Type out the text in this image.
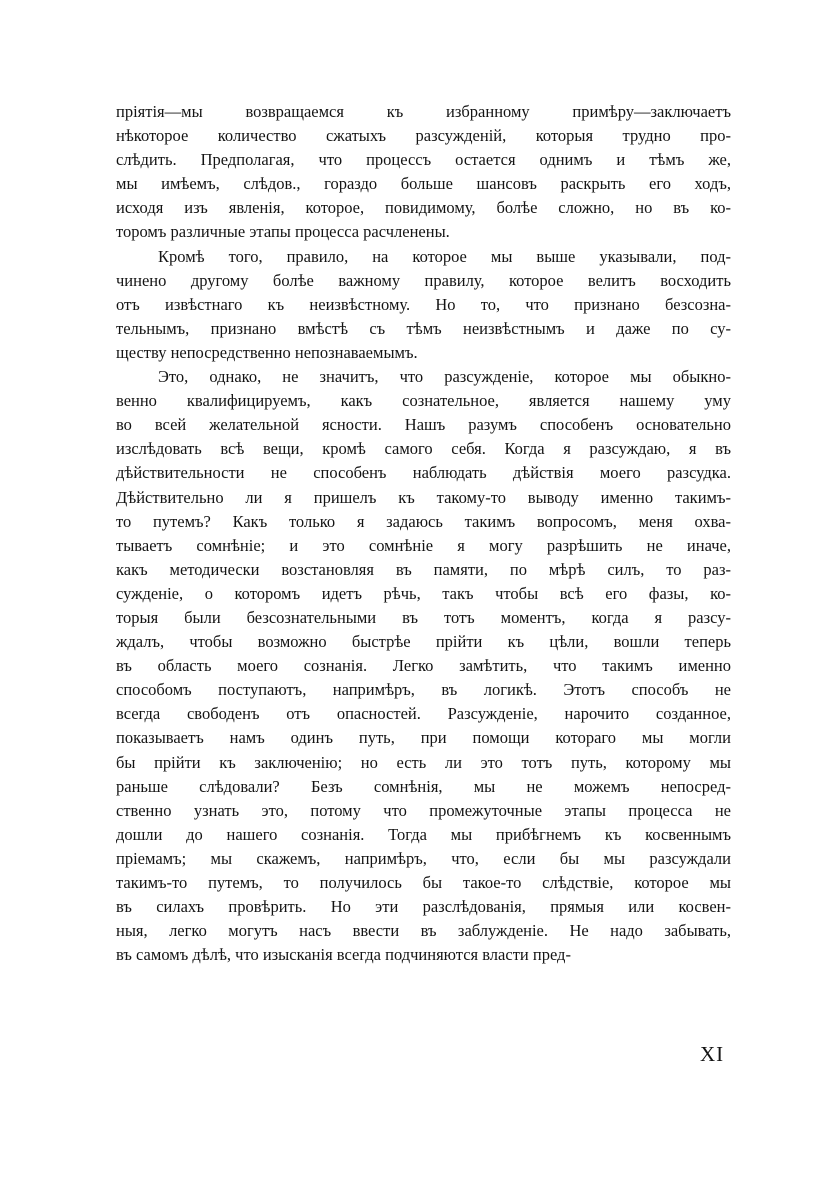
пріятія—мы возвращаемся къ избранному примѣру—заключаетъ
нѣкоторое количество сжатыхъ разсужденій, которыя трудно про-
слѣдить. Предполагая, что процессъ остается однимъ и тѣмъ же,
мы имѣемъ, слѣдов., гораздо больше шансовъ раскрыть его ходъ,
исходя изъ явленія, которое, повидимому, болѣе сложно, но въ ко-
торомъ различные этапы процесса расчленены.
Кромѣ того, правило, на которое мы выше указывали, под-
чинено другому болѣе важному правилу, которое велитъ восходить
отъ извѣстнаго къ неизвѣстному. Но то, что признано безсозна-
тельнымъ, признано вмѣстѣ съ тѣмъ неизвѣстнымъ и даже по су-
ществу непосредственно непознаваемымъ.
Это, однако, не значитъ, что разсужденіе, которое мы обыкно-
венно квалифицируемъ, какъ сознательное, является нашему уму
во всей желательной ясности. Нашъ разумъ способенъ основательно
изслѣдовать всѣ вещи, кромѣ самого себя. Когда я разсуждаю, я въ
дѣйствительности не способенъ наблюдать дѣйствія моего разсудка.
Дѣйствительно ли я пришелъ къ такому-то выводу именно такимъ-
то путемъ? Какъ только я задаюсь такимъ вопросомъ, меня охва-
тываетъ сомнѣніе; и это сомнѣніе я могу разрѣшить не иначе,
какъ методически возстановляя въ памяти, по мѣрѣ силъ, то раз-
сужденіе, о которомъ идетъ рѣчь, такъ чтобы всѣ его фазы, ко-
торыя были безсознательными въ тотъ моментъ, когда я разсу-
ждалъ, чтобы возможно быстрѣе прійти къ цѣли, вошли теперь
въ область моего сознанія. Легко замѣтить, что такимъ именно
способомъ поступаютъ, напримѣръ, въ логикѣ. Этотъ способъ не
всегда свободенъ отъ опасностей. Разсужденіе, нарочито созданное,
показываетъ намъ одинъ путь, при помощи котораго мы могли
бы прійти къ заключенію; но есть ли это тотъ путь, которому мы
раньше слѣдовали? Безъ сомнѣнія, мы не можемъ непосред-
ственно узнать это, потому что промежуточные этапы процесса не
дошли до нашего сознанія. Тогда мы прибѣгнемъ къ косвеннымъ
пріемамъ; мы скажемъ, напримѣръ, что, если бы мы разсуждали
такимъ-то путемъ, то получилось бы такое-то слѣдствіе, которое мы
въ силахъ провѣрить. Но эти разслѣдованія, прямыя или косвен-
ныя, легко могутъ насъ ввести въ заблужденіе. Не надо забывать,
въ самомъ дѣлѣ, что изысканія всегда подчиняются власти пред-
XI
